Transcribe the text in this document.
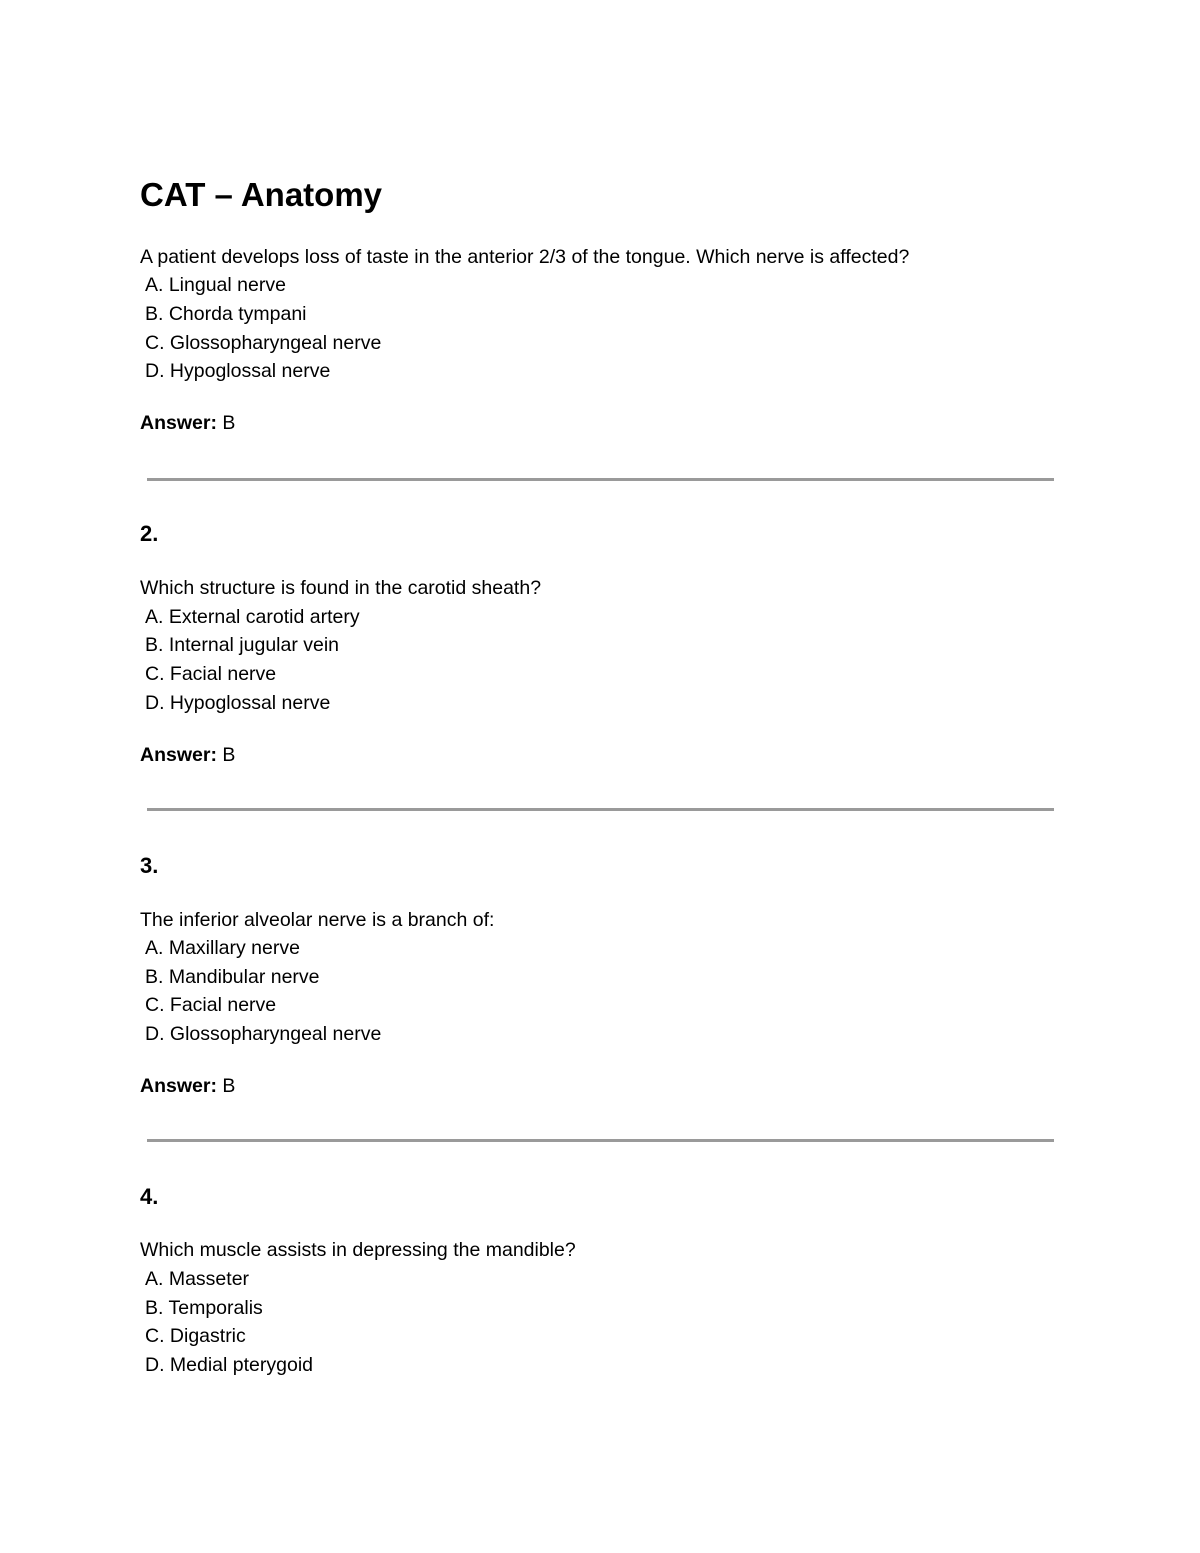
CAT – Anatomy

A patient develops loss of taste in the anterior 2/3 of the tongue. Which nerve is affected?

A. Lingual nerve

B. Chorda tympani

C. Glossopharyngeal nerve

D. Hypoglossal nerve

Answer: B

2.

Which structure is found in the carotid sheath?

A. External carotid artery

B. Internal jugular vein

C. Facial nerve

D. Hypoglossal nerve

Answer: B

3.

The inferior alveolar nerve is a branch of:

A. Maxillary nerve

B. Mandibular nerve

C. Facial nerve

D. Glossopharyngeal nerve

Answer: B

4.

Which muscle assists in depressing the mandible?

A. Masseter

B. Temporalis

C. Digastric

D. Medial pterygoid
